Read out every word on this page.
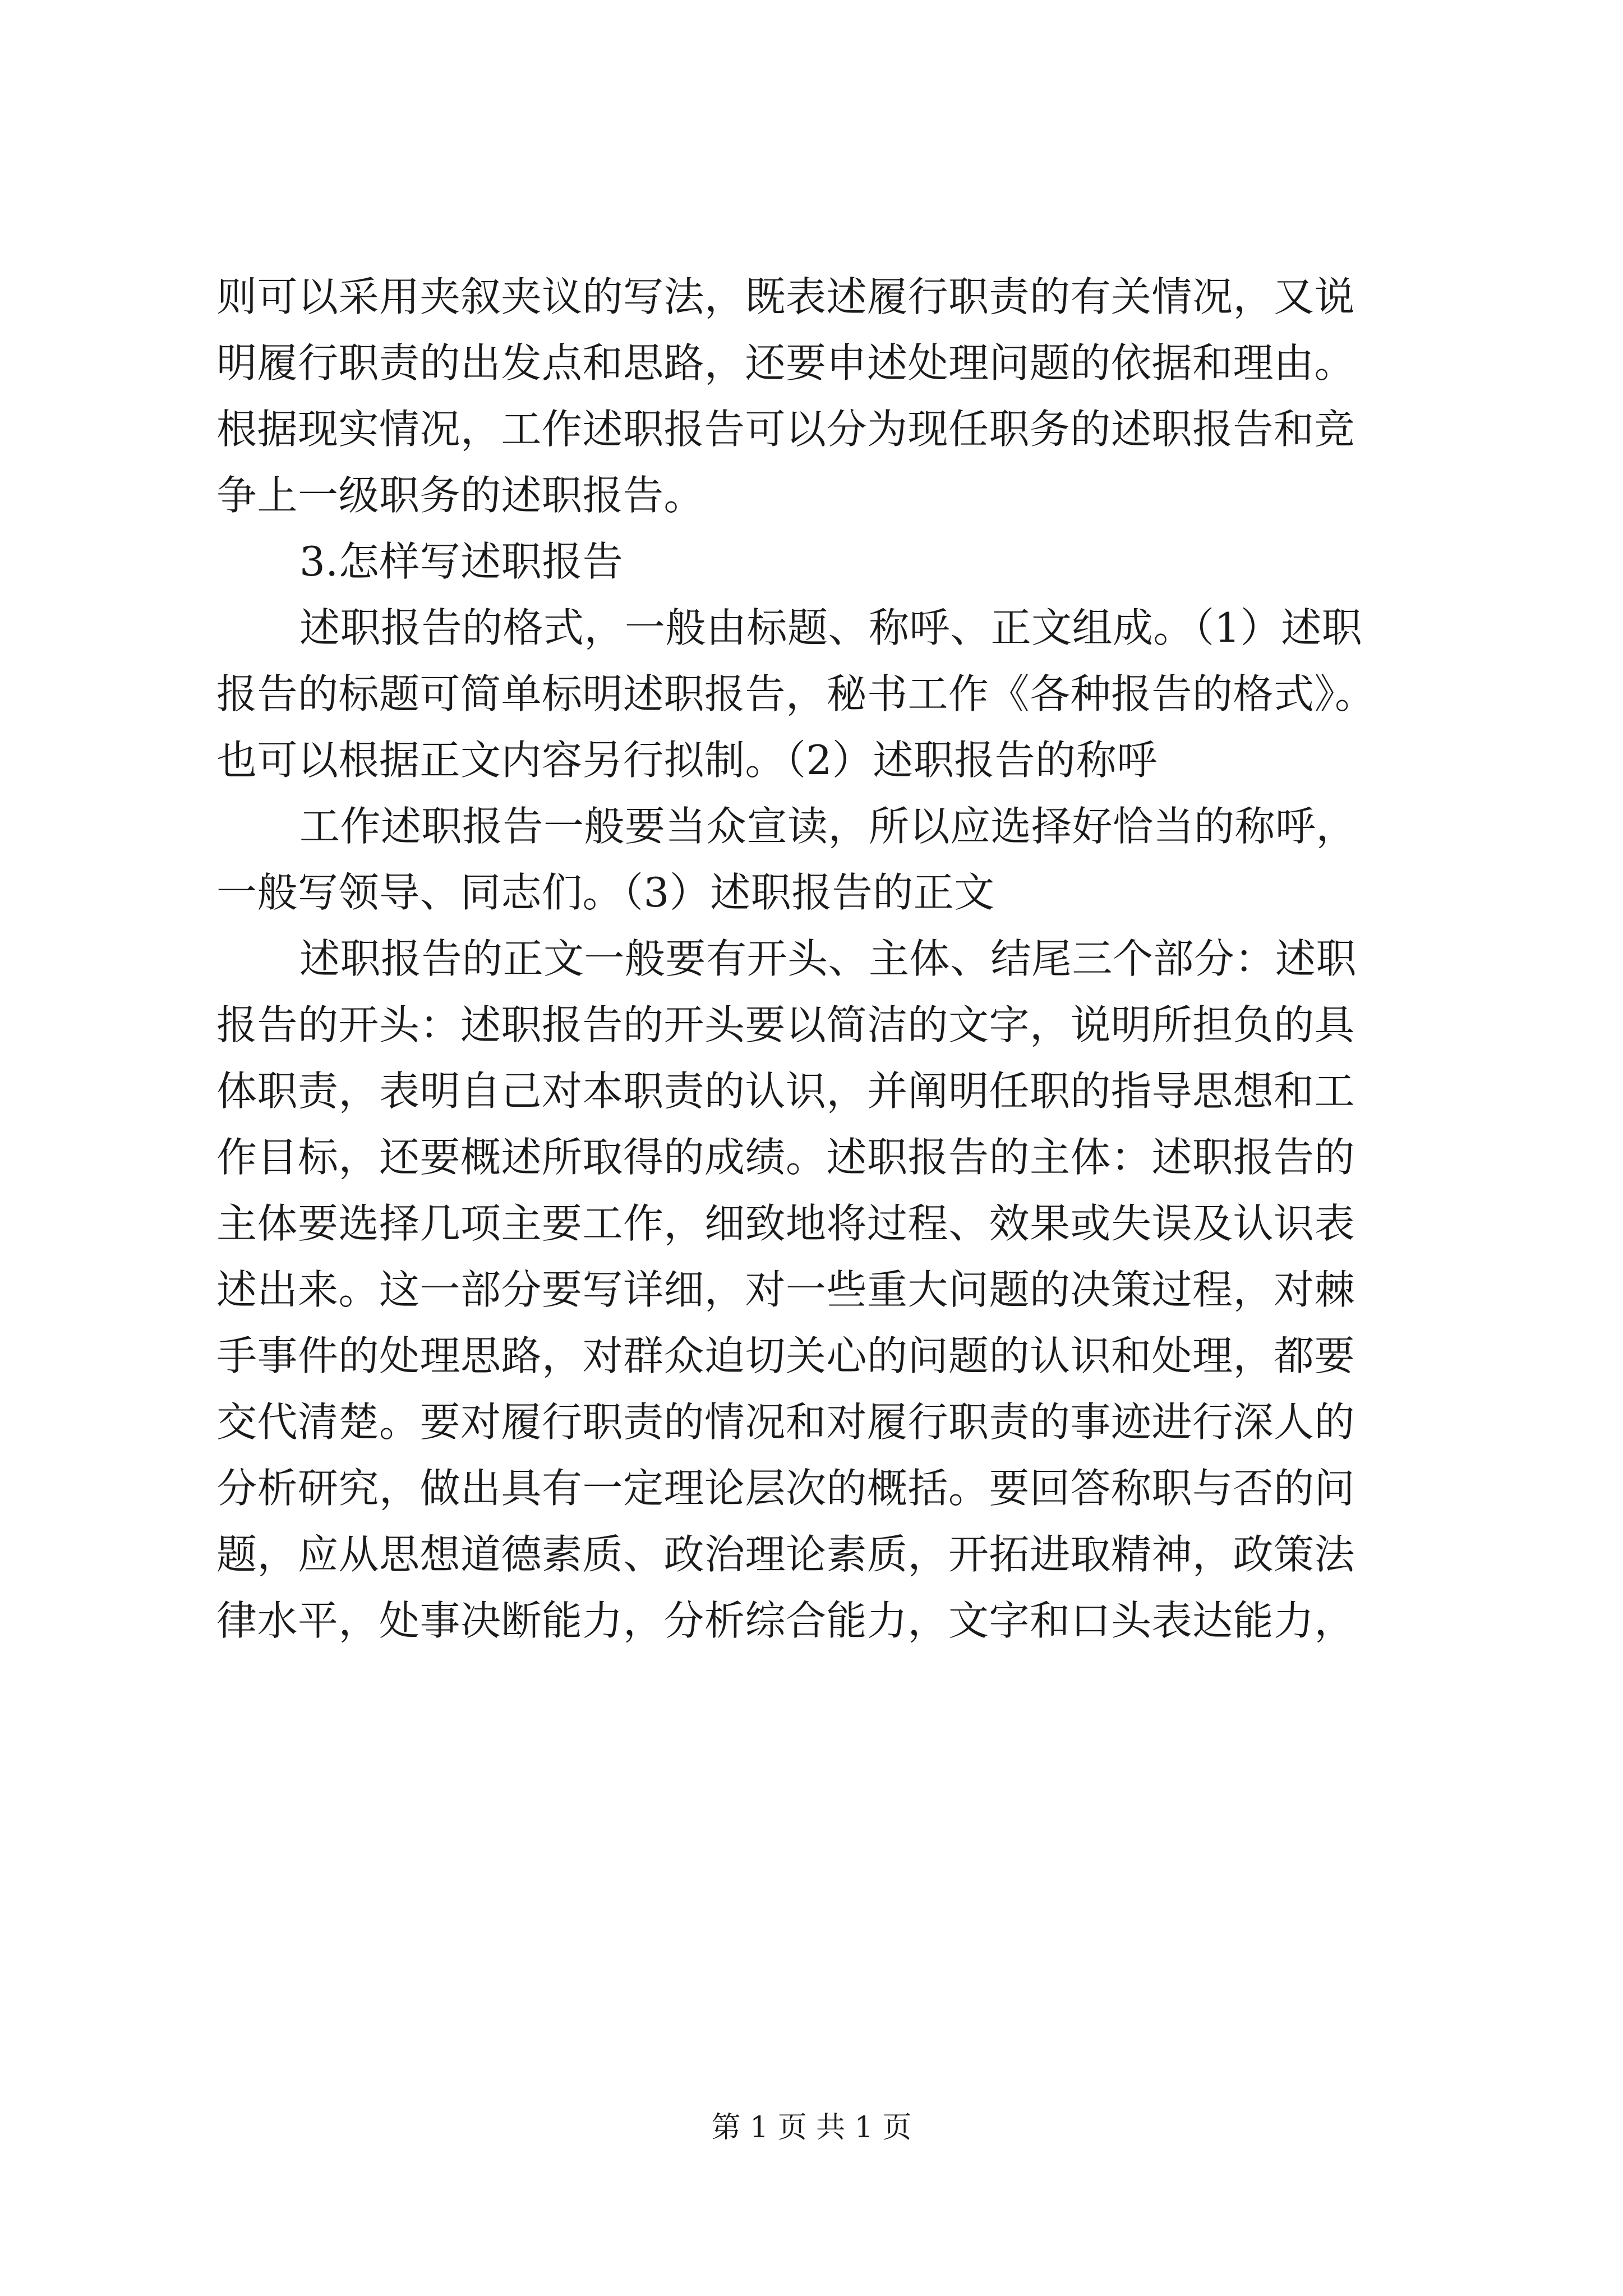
则可以采用夹叙夹议的写法，既表述履行职责的有关情况，又说
明履行职责的出发点和思路，还要申述处理问题的依据和理由。
根据现实情况，工作述职报告可以分为现任职务的述职报告和竞
争上一级职务的述职报告。
3.怎样写述职报告
述职报告的格式，一般由标题、称呼、正文组成。（1）述职
报告的标题可简单标明述职报告，秘书工作《各种报告的格式》。
也可以根据正文内容另行拟制。（2）述职报告的称呼
工作述职报告一般要当众宣读，所以应选择好恰当的称呼，
一般写领导、同志们。（3）述职报告的正文
述职报告的正文一般要有开头、主体、结尾三个部分：述职
报告的开头：述职报告的开头要以简洁的文字，说明所担负的具
体职责，表明自己对本职责的认识，并阐明任职的指导思想和工
作目标，还要概述所取得的成绩。述职报告的主体：述职报告的
主体要选择几项主要工作，细致地将过程、效果或失误及认识表
述出来。这一部分要写详细，对一些重大问题的决策过程，对棘
手事件的处理思路，对群众迫切关心的问题的认识和处理，都要
交代清楚。要对履行职责的情况和对履行职责的事迹进行深人的
分析研究，做出具有一定理论层次的概括。要回答称职与否的问
题，应从思想道德素质、政治理论素质，开拓进取精神，政策法
律水平，处事决断能力，分析综合能力，文字和口头表达能力，
第 1 页 共 1 页
